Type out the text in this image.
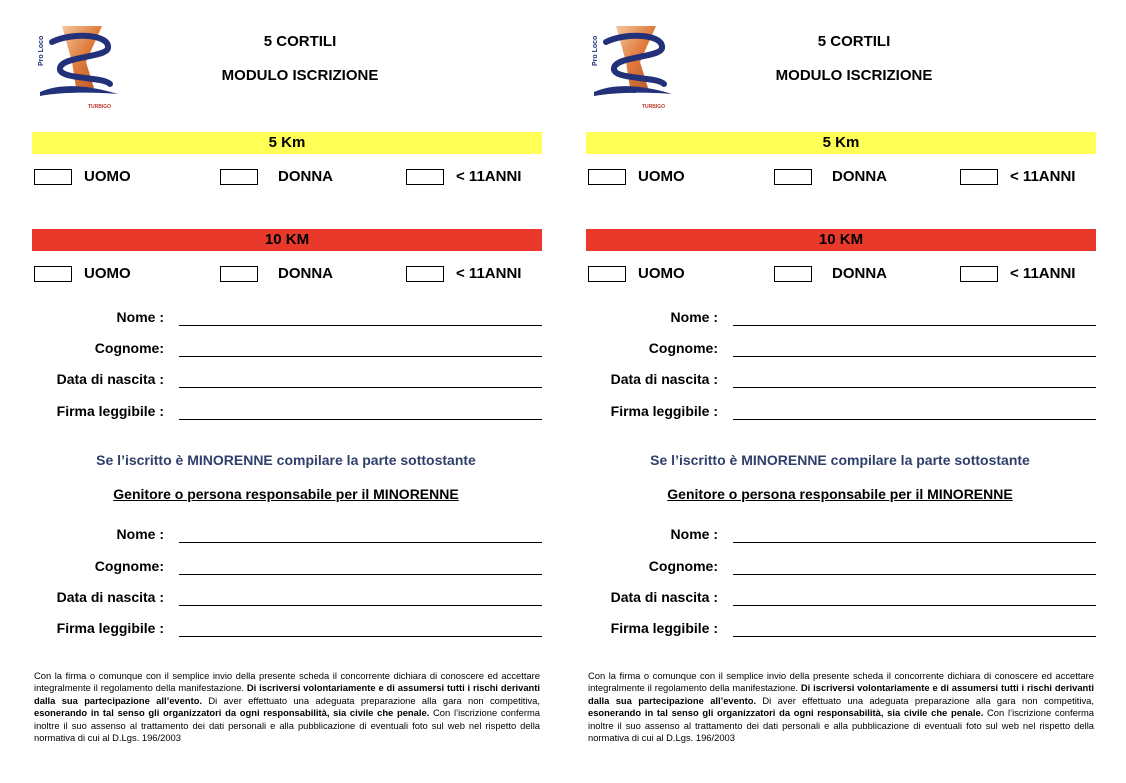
Pro Loco
TURBIGO
5 CORTILI
MODULO ISCRIZIONE
5 Km
UOMO	DONNA	< 11ANNI
10 KM
UOMO	DONNA	< 11ANNI
Nome :
Cognome:
Data di nascita :
Firma leggibile :
Se l’iscritto è MINORENNE compilare la parte sottostante
Genitore o persona responsabile per il MINORENNE
Nome :
Cognome:
Data di nascita :
Firma leggibile :
Con la firma o comunque con il semplice invio della presente scheda il concorrente dichiara di conoscere ed accettare integralmente il regolamento della manifestazione. Di iscriversi volontariamente e di assumersi tutti i rischi derivanti dalla sua partecipazione all’evento. Di aver effettuato una adeguata preparazione alla gara non competitiva, esonerando in tal senso gli organizzatori da ogni responsabilità, sia civile che penale. Con l’iscrizione conferma inoltre il suo assenso al trattamento dei dati personali e alla pubblicazione di eventuali foto sul web nel rispetto della normativa di cui al D.Lgs. 196/2003
Pro Loco
TURBIGO
5 CORTILI
MODULO ISCRIZIONE
5 Km
UOMO	DONNA	< 11ANNI
10 KM
UOMO	DONNA	< 11ANNI
Nome :
Cognome:
Data di nascita :
Firma leggibile :
Se l’iscritto è MINORENNE compilare la parte sottostante
Genitore o persona responsabile per il MINORENNE
Nome :
Cognome:
Data di nascita :
Firma leggibile :
Con la firma o comunque con il semplice invio della presente scheda il concorrente dichiara di conoscere ed accettare integralmente il regolamento della manifestazione. Di iscriversi volontariamente e di assumersi tutti i rischi derivanti dalla sua partecipazione all’evento. Di aver effettuato una adeguata preparazione alla gara non competitiva, esonerando in tal senso gli organizzatori da ogni responsabilità, sia civile che penale. Con l’iscrizione conferma inoltre il suo assenso al trattamento dei dati personali e alla pubblicazione di eventuali foto sul web nel rispetto della normativa di cui al D.Lgs. 196/2003
